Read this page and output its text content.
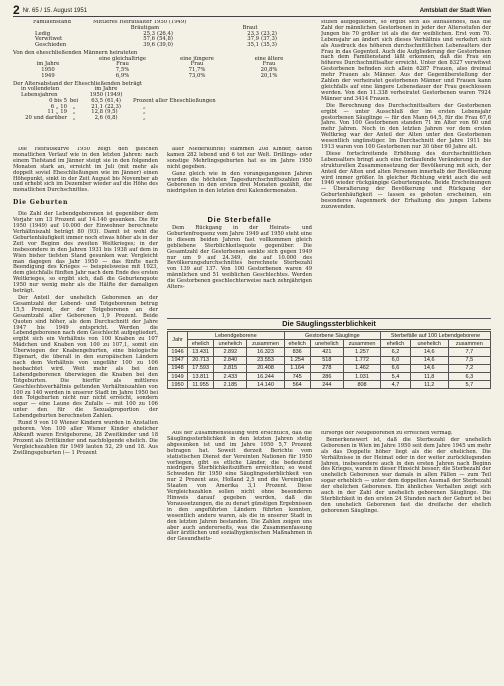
2 Nr. 65 / 15. August 1951	Amtsblatt der Stadt Wien
Familienstand	Mittleres Heiratsalter 1950 (1949)
Bräutigam	Braut
Ledig	25,3 (26,4)	23,3 (23,2)
Verwitwet	57,6 (54,8)	37,9 (37,3)
Geschieden	39,6 (39,0)	35,1 (35,3)
Von den eheschließenden Männern heirateten
eine gleichaltrige	eine jüngere	eine ältere
im Jahre	Frau	Frau	Frau
1950	7,5%	71,7%	20,8%
1949	6,9%	73,0%	20,1%
Der Altersabstand der Eheschließenden beträgt
in vollendeten	im Jahre
Lebensjahren	1950 (1949)
0 bis 5 bei	63,5 (61,4)	Prozent aller Eheschließungen
6 „ 10	„	21,1 (22,3)	„
11 „ 19	„	12,8 (9,5)	„
20 und darüber	„	2,6 (6,8)	„

Die Heiratskurve 1950 zeigt den gleichen monatlichen Verlauf wie in den letzten Jahren: nach einem Tiefstand im Jänner steigt sie in den folgenden Monaten stark an, erreicht im Juli (mit mehr als doppelt soviel Eheschließungen wie im Jänner) einen Höhepunkt, sinkt in der Zeit August bis November ab und erhebt sich im Dezember wieder auf die Höhe des monatlichen Durchschnittes.

Die Geburten

Die Zahl der Lebendgeborenen ist gegenüber dem Vorjahr um 13 Prozent auf 14.140 gesunken. Die für 1950 (1949) auf 10.000 der Einwohner berechnete Verhältniszahl beträgt 80 (93). Damit ist wohl die Geburtenhäufigkeit immer noch etwas höher als in der Zeit vor Beginn des zweiten Weltkrieges; in der insbesondere in den Jahren 1931 bis 1938 auf dem in Wien bisher tiefsten Stand gesunken war. Vergleicht man dagegen das Jahr 1950 — das fünfte nach Beendigung des Krieges — beispielsweise mit 1923, dem gleichfalls fünften Jahr nach dem Ende des ersten Weltkrieges, so ergibt sich, daß die Geburtenquote 1950 nur wenig mehr als die Hälfte der damaligen beträgt.

Der Anteil der unehelich Geborenen an der Gesamtzahl der Lebend- und Totgeborenen betrug 15,5 Prozent, der der Totgeborenen an der Gesamtzahl aller Geborenen 1,9 Prozent. Beide Quoten sind höher, als dem Durchschnitt der Jahre 1947 bis 1949 entspricht. Werden die Lebendgeborenen nach dem Geschlecht aufgegliedert, ergibt sich ein Verhältnis von 100 Knaben zu 107 Mädchen und Knaben von 100 zu 107,1, somit ein Überwiegen der Knabengeburten, eine biologische Eigenart, die überall in den europäischen Ländern nach dem Verhältnis von ungefähr 100 zu 106 beobachtet wird. Weit mehr als bei den Lebendgeborenen überwiegen die Knaben bei den Totgeburten. Die hierfür als mittleres Geschlechtsverhältnis geltenden Verhältniszahlen von 100 zu 140 werden in unserer Stadt im Jahre 1950 bei den Totgeburten nicht nur nicht erreicht, sondern sogar — eine Laune des Zufalls — mit 100 zu 106 unter den für die Sexualproportion der Lebendgeburten berechneten Zahlen.

Rund 9 von 10 Wiener Kindern wurden in Anstalten geboren. Von 100 aller Wiener Kinder ehelicher Abkunft waren Erstgeborene, 28 Zweitkinder und 18 Prozent als Drittkinder und nachfolgende ehelich. Die Vergleichszahlen für 1949 lauten 52, 29 und 18. Aus Zwillingsgeburten (— 1 Prozent

aller Niederkünfte) stammen 208 Kinder, davon kamen 282 lebend und 6 tot zur Welt. Drillings- oder sonstige Mehrlingsgeburten hat es im Jahre 1950 nicht gegeben.

Ganz gleich wie in den vorangegangenen Jahren wurden die höchsten Tagesdurchschnittszahlen der Geborenen in den ersten drei Monaten gezählt, die niedrigsten in den letzten drei Kalendermonaten.

Die Sterbefälle

Dem Rückgang in der Heirats- und Geburtenfrequenz vom Jahre 1949 auf 1950 steht eine in diesem beiden Jahren fast vollkommen gleich gebliebene Sterblichkeitsquote gegenüber. Die Gesamtzahl der Gestorbenen senkte sich gegen 1949 nur um 9 auf 24.349, die auf 10.000 des Bevölkerungsdurchschnittes berechnete Sterbezahl von 139 auf 137. Von 100 Gestorbenen waren 49 männlichen und 51 weiblichen Geschlechtes. Werden die Gestorbenen geschlechterweise nach zehnjährigen Alters-

stufen aufgegliedert, so ergibt sich als auffallendes, daß die Zahl der männlichen Gestorbenen in jeder der Altersstufen der Jungen bis 70 größer ist als die der weiblichen. Erst vom 70. Lebensjahr an ändert sich dieses Verhältnis und verkehrt sich als Ausdruck des höheren durchschnittlichen Lebensalters der Frau in das Gegenteil. Auch die Aufgliederung der Gestorbenen nach dem Familienstand läßt erkennen, daß die Frau ein höheres Durchschnittsalter erreicht. Unter den 8327 verwitwet Gestorbenen befinden sich allein 6287 Frauen, also dreimal mehr Frauen als Männer. Aus der Gegenüberstellung der Zahlen der verheiratet gestorbenen Männer und Frauen kann gleichfalls auf eine längere Lebensdauer der Frau geschlossen werden. Von den 11.338 verheiratet Gestorbenen waren 7924 Männer und 3414 Frauen.

Die Berechnung des Durchschnittsalters der Gestorbenen ergibt — unter Ausschluß der im ersten Lebensjahr gestorbenen Säuglinge — für den Mann 64,5, für die Frau 67,6 Jahre. Von 100 Gestorbenen standen 71 im Alter von 60 und mehr Jahren. Noch in den letzten Jahren vor dem ersten Weltkrieg war der Anteil der Alten unter den Gestorbenen wesentlich ungünstiger. Im Durchschnitt der Jahre 1911 bis 1913 waren von 100 Gestorbenen nur 30 über 60 Jahre alt.

Diese fortschreitende Erhöhung des durchschnittlichen Lebensalters bringt auch eine fortlaufende Veränderung in der strukturellen Zusammensetzung der Bevölkerung mit sich, der Anteil der Alten und alten Personen innerhalb der Bevölkerung wird immer größer. In gleicher Richtung wirkt auch die seit 1946 wieder rückgängige Geburtenquote. Beide Erscheinungen — Überalterung der Bevölkerung und Rückgang der Geburtenhäufigkeit — lassen es geboten erscheinen, ein besonderes Augenmerk der Erhaltung des jungen Lebens zuzuwenden.

Die Säuglingssterblichkeit
Jahr	Lebendgeborene			Gestorbene Säuglinge			Sterbefälle auf 100 Lebendgeborene		
	ehelich	unehelich	zusammen	ehelich	unehelich	zusammen	ehelich	unehelich	zusammen
1946	13.431	2.892	16.323	836	421	1.257	6,2	14,6	7,7
1947	20.713	2.840	23.553	1.254	518	1.772	6,0	14,6	7,5
1948	17.593	2.815	20.408	1.164	278	1.462	6,6	14,6	7,2
1949	13.811	2.433	16.244	745	286	1.031	5,4	11,8	6,3
1950	11.955	2.185	14.140	564	244	808	4,7	11,2	5,7

Aus der Zusammenstellung wird ersichtlich, daß die Säuglingssterblichkeit in den letzten Jahren stetig abgesunken ist und im Jahre 1950 5,7 Prozent betragen hat. Soweit derzeit Berichte vom statistischen Dienst der Vereinten Nationen für 1950 vorliegen, gibt es etliche Länder, die bedeutend niedrigere Sterblichkeitsziffern erreichten; so weist Schweden für 1950 eine Säuglingssterblichkeit von nur 2 Prozent aus, Holland 2,5 und die Vereinigten Staaten von Amerika 3,1 Prozent. Diese Vergleichszahlen sollen nicht ohne besonderen Hinweis darauf gegeben werden, daß die Voraussetzungen, die zu derart günstigen Ergebnissen in den angeführten Ländern führten konnten, wesentlich andere waren, als die in unserer Stadt in den letzten Jahren bestanden. Die Zahlen zeigen uns aber auch andererseits, was die Zusammenfassung aller ärztlichen und sozialhygienischen Maßnahmen in der Gesundheits-

fürsorge der Neugeborenen zu erreichen vermag.

Bemerkenswert ist, daß die Sterbezahl der unehelich Geborenen in Wien im Jahre 1950 seit dem Jahre 1945 um mehr als das Doppelte höher liegt als die der ehelichen. Die Verhältnisse in der Heimat oder in der weiter zurückliegenden Jahren, insbesondere auch in den ersten Jahren nach Beginn des Krieges, waren in dieser Hinsicht besser; die Sterbezahl der unehelich Geborenen war damals in allen Fällen — zum Teil sogar erheblich — unter dem doppelten Ausmaß der Sterbezahl der ehelichen Geborenen. Ein ähnliches Verhalten zeigt sich auch in der Zahl der unehelich geborenen Säuglinge. Die Sterblichkeit in den ersten 24 Stunden nach der Geburt ist bei den unehelich Geborenen fast die dreifache der ehelich geborenen Säuglinge.
